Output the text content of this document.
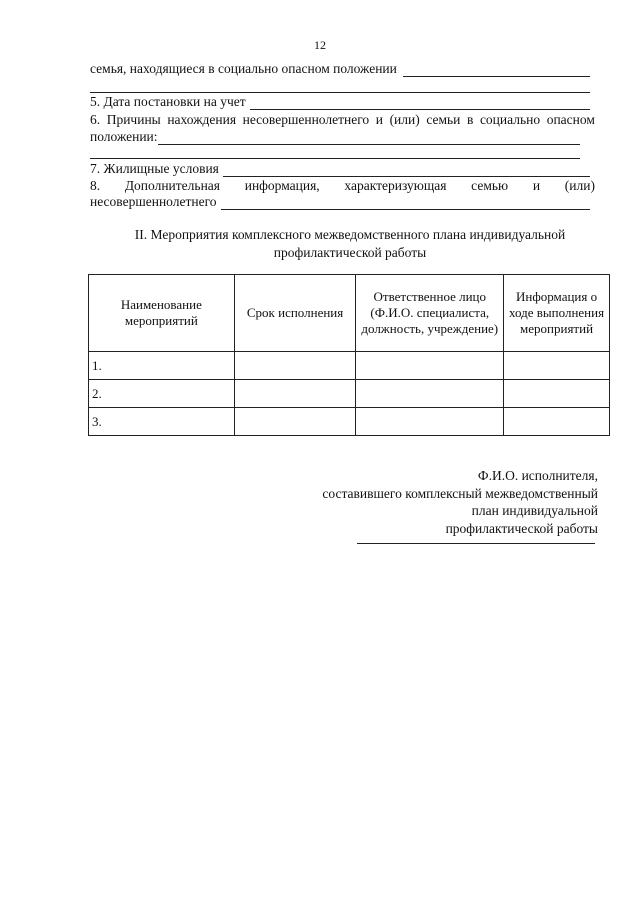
12
семья, находящиеся в социально опасном положении
5. Дата постановки на учет
6. Причины нахождения несовершеннолетнего и (или) семьи в социально опасном
положении:
7. Жилищные условия
8. Дополнительная информация, характеризующая семью и (или)
несовершеннолетнего
II. Мероприятия комплексного межведомственного плана индивидуальной
профилактической работы
Наименование мероприятий	Срок исполнения	Ответственное лицо (Ф.И.О. специалиста, должность, учреждение)	Информация о ходе выполнения мероприятий
1.			
2.			
3.			
Ф.И.О. исполнителя,
составившего комплексный межведомственный
план индивидуальной
профилактической работы
